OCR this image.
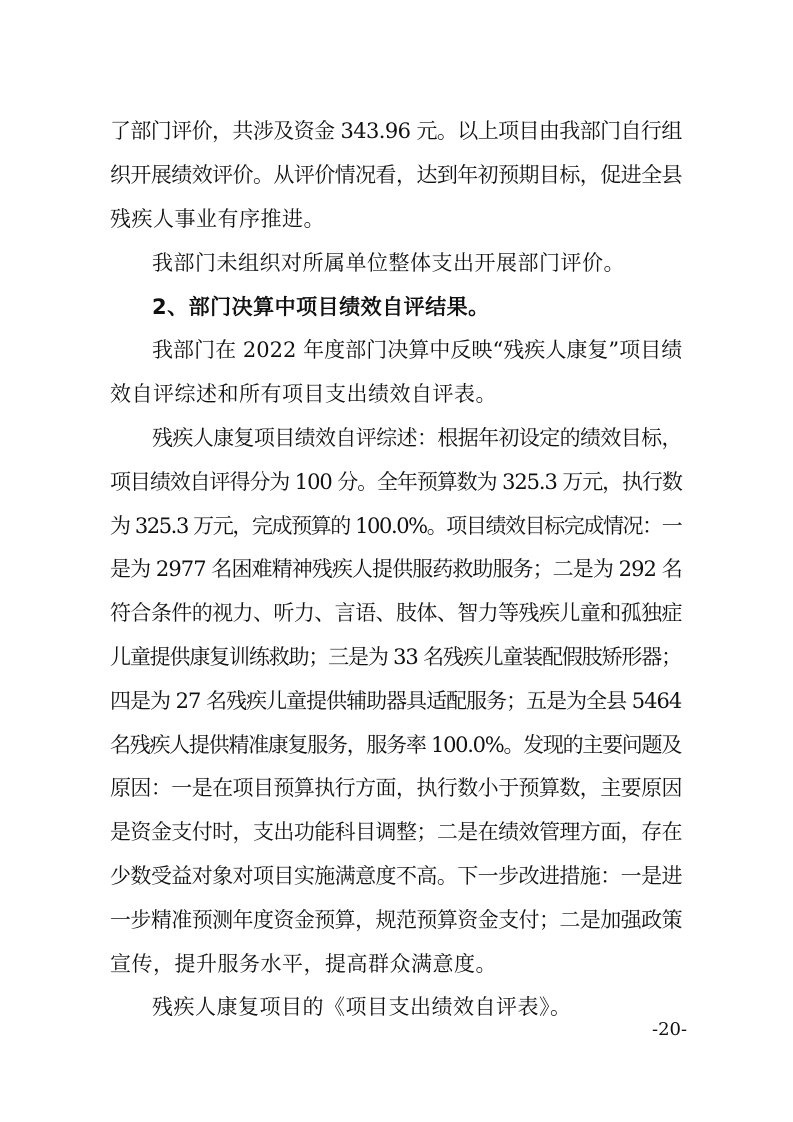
了部门评价，共涉及资金 343.96 元。以上项目由我部门自行组
织开展绩效评价。从评价情况看，达到年初预期目标，促进全县
残疾人事业有序推进。
我部门未组织对所属单位整体支出开展部门评价。
2、部门决算中项目绩效自评结果。
我部门在 2022 年度部门决算中反映“残疾人康复”项目绩
效自评综述和所有项目支出绩效自评表。
残疾人康复项目绩效自评综述：根据年初设定的绩效目标，
项目绩效自评得分为 100 分。全年预算数为 325.3 万元，执行数
为 325.3 万元，完成预算的 100.0%。项目绩效目标完成情况：一
是为 2977 名困难精神残疾人提供服药救助服务；二是为 292 名
符合条件的视力、听力、言语、肢体、智力等残疾儿童和孤独症
儿童提供康复训练救助；三是为 33 名残疾儿童装配假肢矫形器；
四是为 27 名残疾儿童提供辅助器具适配服务；五是为全县 5464
名残疾人提供精准康复服务，服务率 100.0%。发现的主要问题及
原因：一是在项目预算执行方面，执行数小于预算数，主要原因
是资金支付时，支出功能科目调整；二是在绩效管理方面，存在
少数受益对象对项目实施满意度不高。下一步改进措施：一是进
一步精准预测年度资金预算，规范预算资金支付；二是加强政策
宣传，提升服务水平，提高群众满意度。
残疾人康复项目的《项目支出绩效自评表》。
-20-
